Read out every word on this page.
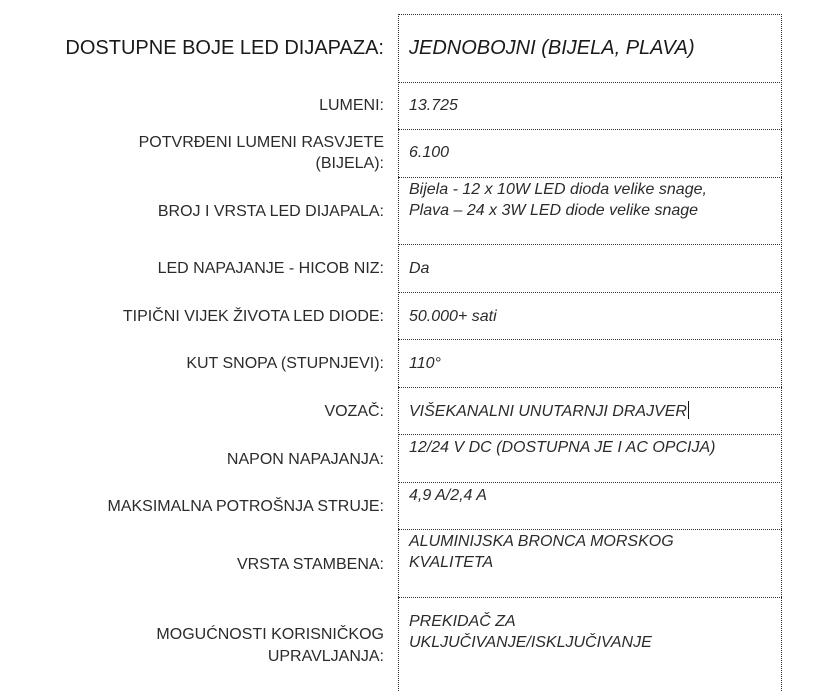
DOSTUPNE BOJE LED DIJAPAZA: JEDNOBOJNI (BIJELA, PLAVA)
LUMENI: 13.725
POTVRĐENI LUMENI RASVJETE
(BIJELA):
6.100
BROJ I VRSTA LED DIJAPALA:
Bijela - 12 x 10W LED dioda velike snage,
Plava – 24 x 3W LED diode velike snage
LED NAPAJANJE - HICOB NIZ: Da
TIPIČNI VIJEK ŽIVOTA LED DIODE: 50.000+ sati
KUT SNOPA (STUPNJEVI): 110°
VOZAČ: VIŠEKANALNI UNUTARNJI DRAJVER
NAPON NAPAJANJA:
12/24 V DC (DOSTUPNA JE I AC OPCIJA)
MAKSIMALNA POTROŠNJA STRUJE:
4,9 A/2,4 A
VRSTA STAMBENA:
ALUMINIJSKA BRONCA MORSKOG
KVALITETA
MOGUĆNOSTI KORISNIČKOG
UPRAVLJANJA:
PREKIDAČ ZA
UKLJUČIVANJE/ISKLJUČIVANJE
